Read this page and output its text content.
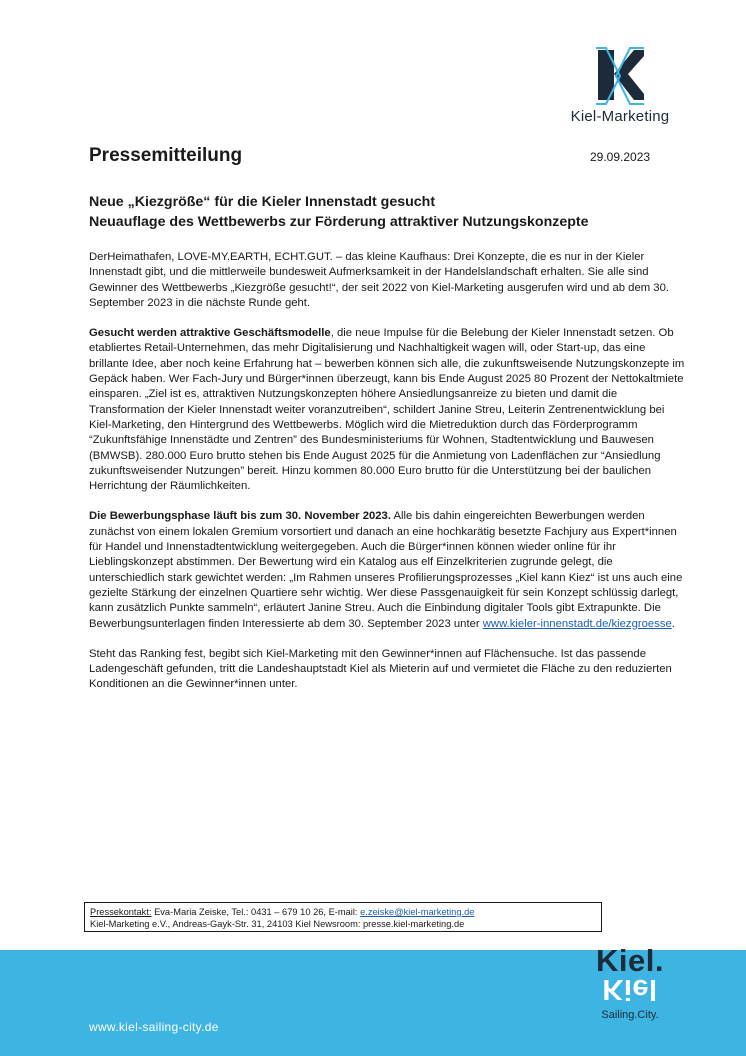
Kiel-Marketing
Pressemitteilung	29.09.2023
Neue „Kiezgröße“ für die Kieler Innenstadt gesucht
Neuauflage des Wettbewerbs zur Förderung attraktiver Nutzungskonzepte

DerHeimathafen, LOVE-MY.EARTH, ECHT.GUT. – das kleine Kaufhaus: Drei Konzepte, die es nur in der Kieler Innenstadt gibt, und die mittlerweile bundesweit Aufmerksamkeit in der Handelslandschaft erhalten. Sie alle sind Gewinner des Wettbewerbs „Kiezgröße gesucht!“, der seit 2022 von Kiel-Marketing ausgerufen wird und ab dem 30. September 2023 in die nächste Runde geht.

Gesucht werden attraktive Geschäftsmodelle, die neue Impulse für die Belebung der Kieler Innenstadt setzen. Ob etabliertes Retail-Unternehmen, das mehr Digitalisierung und Nachhaltigkeit wagen will, oder Start-up, das eine brillante Idee, aber noch keine Erfahrung hat – bewerben können sich alle, die zukunftsweisende Nutzungskonzepte im Gepäck haben. Wer Fach-Jury und Bürger*innen überzeugt, kann bis Ende August 2025 80 Prozent der Nettokaltmiete einsparen. „Ziel ist es, attraktiven Nutzungskonzepten höhere Ansiedlungsanreize zu bieten und damit die Transformation der Kieler Innenstadt weiter voranzutreiben“, schildert Janine Streu, Leiterin Zentrenentwicklung bei Kiel-Marketing, den Hintergrund des Wettbewerbs. Möglich wird die Mietreduktion durch das Förderprogramm “Zukunftsfähige Innenstädte und Zentren” des Bundesministeriums für Wohnen, Stadtentwicklung und Bauwesen (BMWSB). 280.000 Euro brutto stehen bis Ende August 2025 für die Anmietung von Ladenflächen zur “Ansiedlung zukunftsweisender Nutzungen” bereit. Hinzu kommen 80.000 Euro brutto für die Unterstützung bei der baulichen Herrichtung der Räumlichkeiten.

Die Bewerbungsphase läuft bis zum 30. November 2023. Alle bis dahin eingereichten Bewerbungen werden zunächst von einem lokalen Gremium vorsortiert und danach an eine hochkarätig besetzte Fachjury aus Expert*innen für Handel und Innenstadtentwicklung weitergegeben. Auch die Bürger*innen können wieder online für ihr Lieblingskonzept abstimmen. Der Bewertung wird ein Katalog aus elf Einzelkriterien zugrunde gelegt, die unterschiedlich stark gewichtet werden: „Im Rahmen unseres Profilierungsprozesses „Kiel kann Kiez“ ist uns auch eine gezielte Stärkung der einzelnen Quartiere sehr wichtig. Wer diese Passgenauigkeit für sein Konzept schlüssig darlegt, kann zusätzlich Punkte sammeln“, erläutert Janine Streu. Auch die Einbindung digitaler Tools gibt Extrapunkte. Die Bewerbungsunterlagen finden Interessierte ab dem 30. September 2023 unter www.kieler-innenstadt.de/kiezgroesse.

Steht das Ranking fest, begibt sich Kiel-Marketing mit den Gewinner*innen auf Flächensuche. Ist das passende Ladengeschäft gefunden, tritt die Landeshauptstadt Kiel als Mieterin auf und vermietet die Fläche zu den reduzierten Konditionen an die Gewinner*innen unter.

Pressekontakt: Eva-Maria Zeiske, Tel.: 0431 – 679 10 26, E-mail: e.zeiske@kiel-marketing.de
Kiel-Marketing e.V., Andreas-Gayk-Str. 31, 24103 Kiel Newsroom: presse.kiel-marketing.de
www.kiel-sailing-city.de
Kiel.
Kiel
Sailing.City.
